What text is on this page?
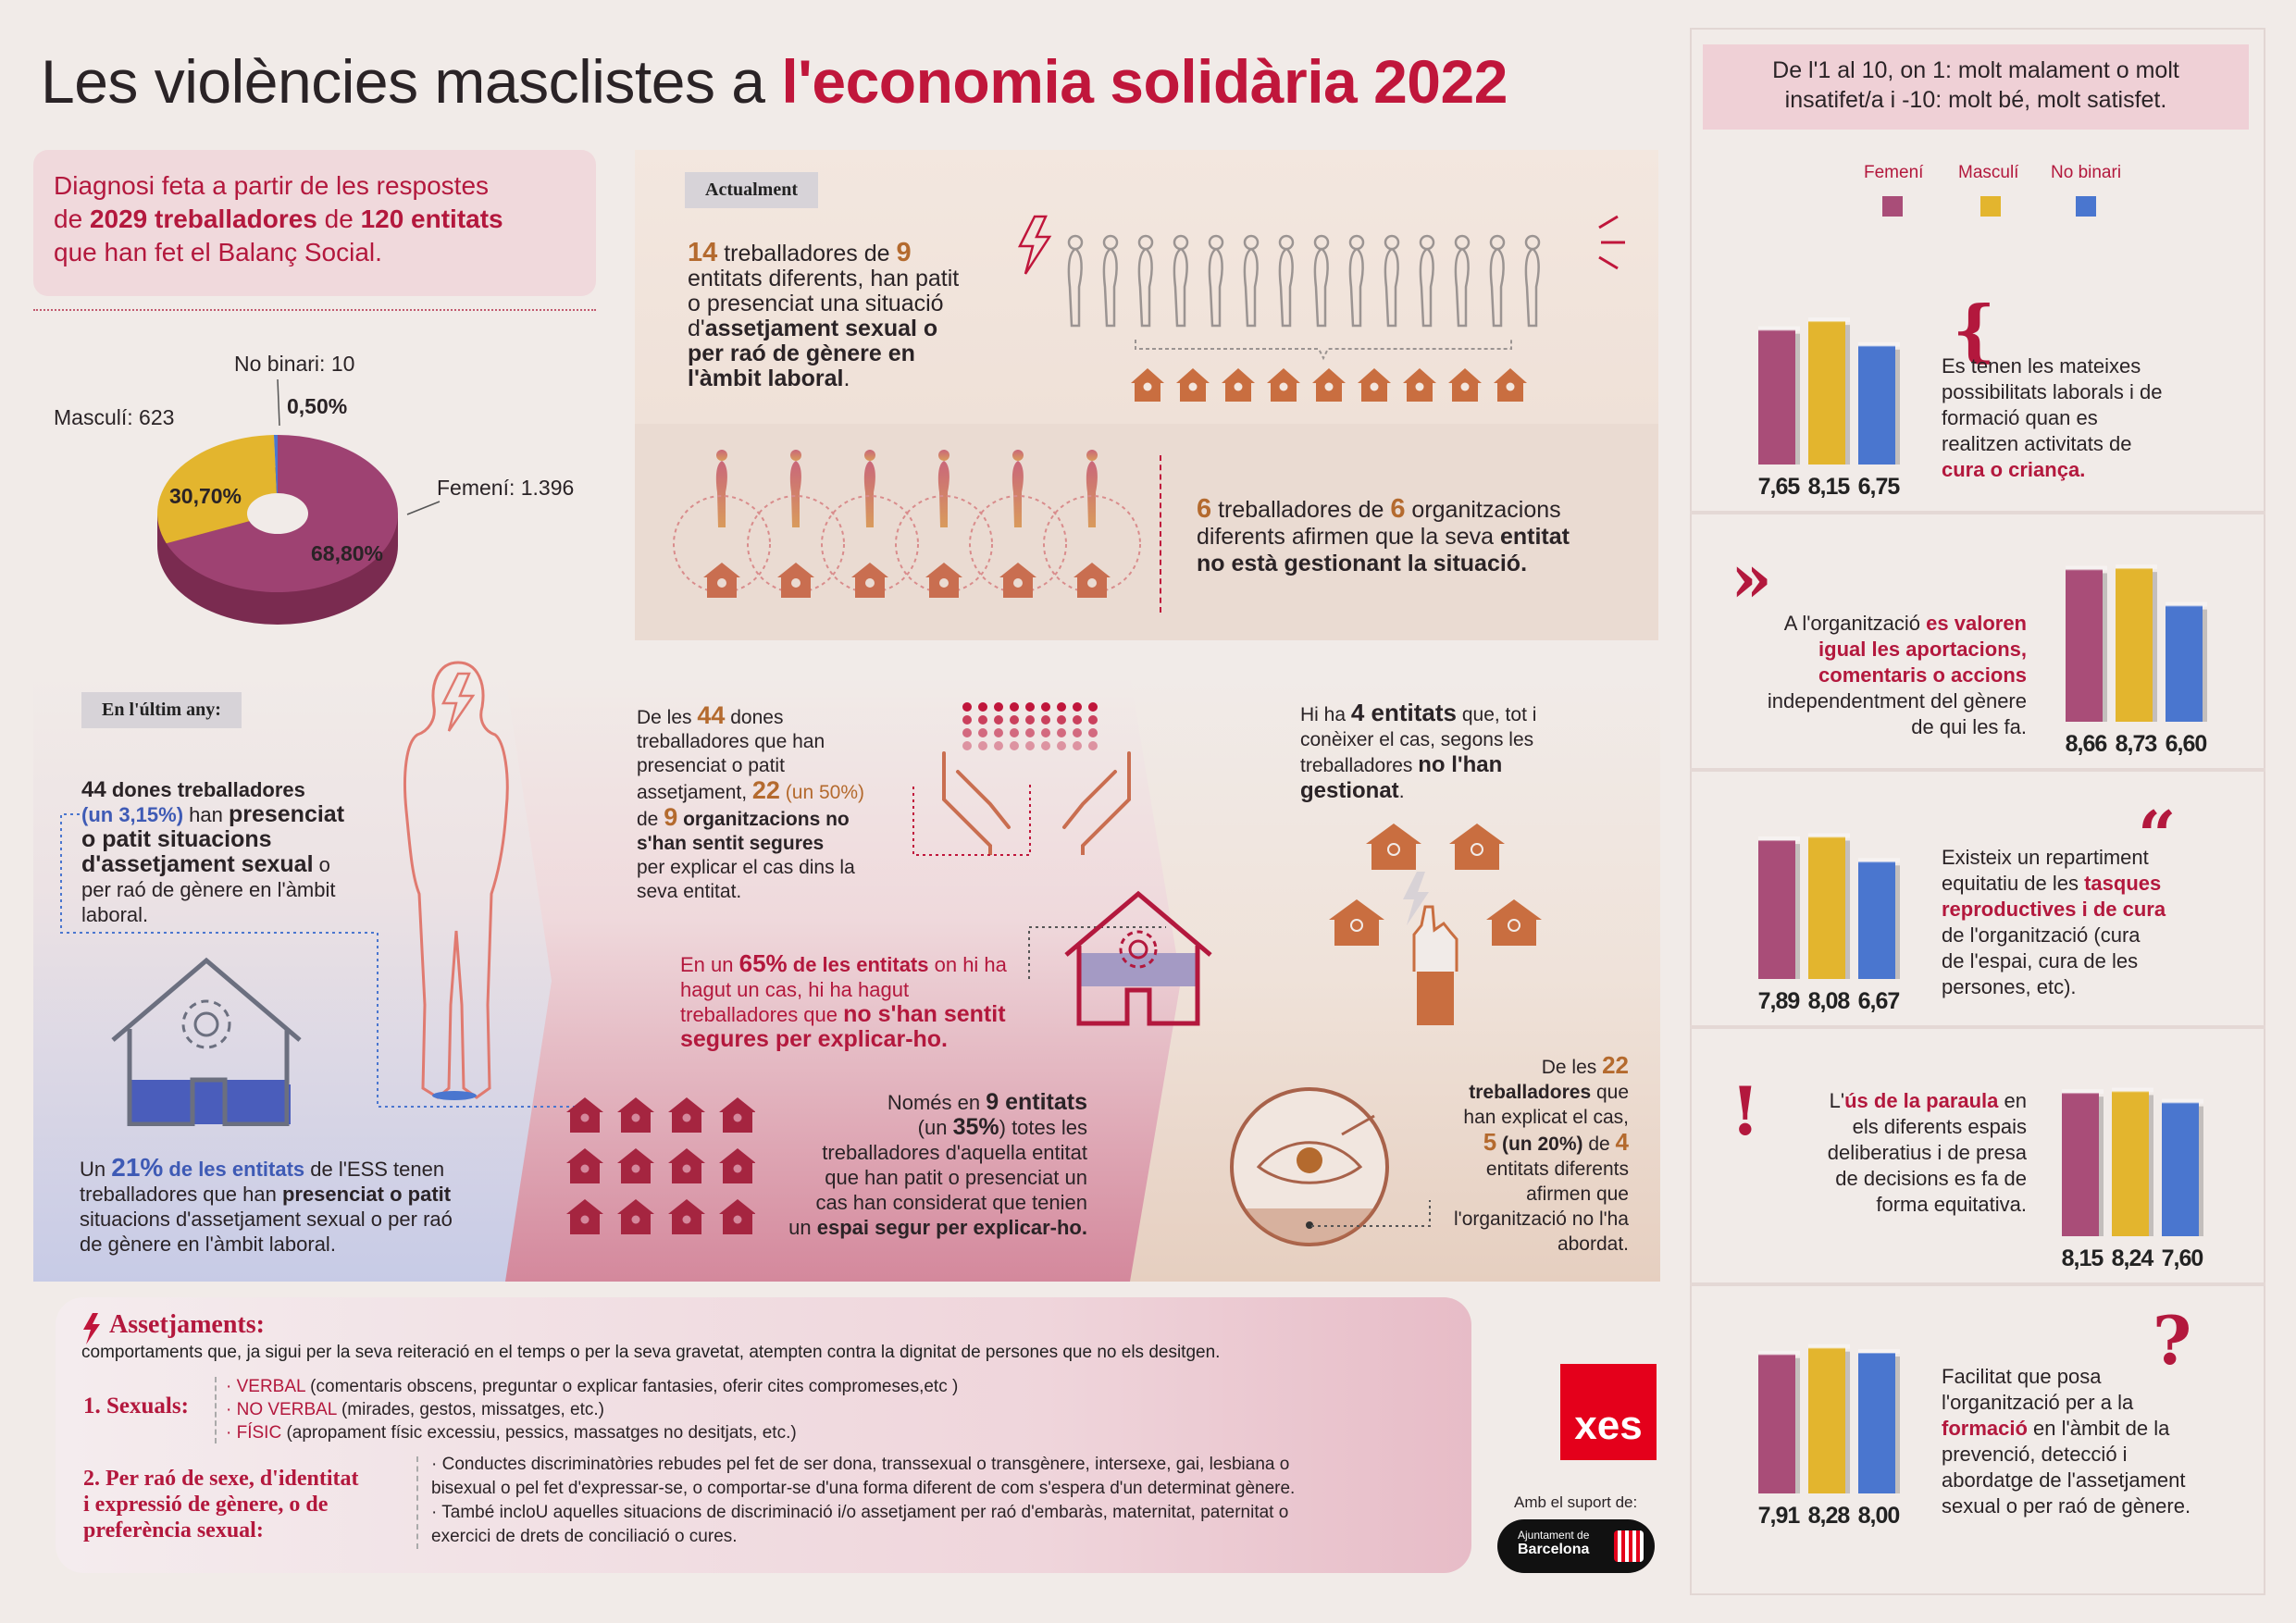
Les violències masclistes a l'economia solidària 2022
Diagnosi feta a partir de les respostes
de 2029 treballadores de 120 entitats
que han fet el Balanç Social.
No binari: 10
0,50%
Masculí: 623
30,70%	Femení: 1.396
68,80%
Actualment
14 treballadores de 9
entitats diferents, han patit
o presenciat una situació
d'assetjament sexual o
per raó de gènere en
l'àmbit laboral.
6 treballadores de 6 organitzacions
diferents afirmen que la seva entitat
no està gestionant la situació.
En l'últim any:
44 dones treballadores
(un 3,15%) han presenciat
o patit situacions
d'assetjament sexual o
per raó de gènere en l'àmbit
laboral.
Un 21% de les entitats de l'ESS tenen
treballadores que han presenciat o patit
situacions d'assetjament sexual o per raó
de gènere en l'àmbit laboral.
De les 44 dones
treballadores que han
presenciat o patit
assetjament, 22 (un 50%)
de 9 organitzacions no
s'han sentit segures
per explicar el cas dins la
seva entitat.
En un 65% de les entitats on hi ha
hagut un cas, hi ha hagut
treballadores que no s'han sentit
segures per explicar-ho.
Només en 9 entitats
(un 35%) totes les
treballadores d'aquella entitat
que han patit o presenciat un
cas han considerat que tenien
un espai segur per explicar-ho.
Hi ha 4 entitats que, tot i
conèixer el cas, segons les
treballadores no l'han
gestionat.
De les 22
treballadores que
han explicat el cas,
5 (un 20%) de 4
entitats diferents
afirmen que
l'organització no l'ha
abordat.
Assetjaments:
comportaments que, ja sigui per la seva reiteració en el temps o per la seva gravetat, atempten contra la dignitat de persones que no els desitgen.
1. Sexuals:
· VERBAL (comentaris obscens, preguntar o explicar fantasies, oferir cites compromeses,etc )
· NO VERBAL (mirades, gestos, missatges, etc.)
· FÍSIC (apropament físic excessiu, pessics, massatges no desitjats, etc.)
2. Per raó de sexe, d'identitat
i expressió de gènere, o de
preferència sexual:
· Conductes discriminatòries rebudes pel fet de ser dona, transsexual o transgènere, intersexe, gai, lesbiana o
bisexual o pel fet d'expressar-se, o comportar-se d'una forma diferent de com s'espera d'un determinat gènere.
· També incloU aquelles situacions de discriminació i/o assetjament per raó d'embaràs, maternitat, paternitat o
exercici de drets de conciliació o cures.
xes
Amb el suport de:
Ajuntament de
Barcelona
De l'1 al 10, on 1: molt malament o molt
insatifet/a i -10: molt bé, molt satisfet.
Femení Masculí No binari
7,65 8,15 6,75
{
Es tenen les mateixes
possibilitats laborals i de
formació quan es
realitzen activitats de
cura o criança.
8,66 8,73 6,60
»
A l'organització es valoren
igual les aportacions,
comentaris o accions
independentment del gènere
de qui les fa.
7,89 8,08 6,67
“
Existeix un repartiment
equitatiu de les tasques
reproductives i de cura
de l'organització (cura
de l'espai, cura de les
persones, etc).
8,15 8,24 7,60
!	L'ús de la paraula en
els diferents espais
deliberatius i de presa
de decisions es fa de
forma equitativa.
7,91 8,28 8,00
?
Facilitat que posa
l'organització per a la
formació en l'àmbit de la
prevenció, detecció i
abordatge de l'assetjament
sexual o per raó de gènere.
